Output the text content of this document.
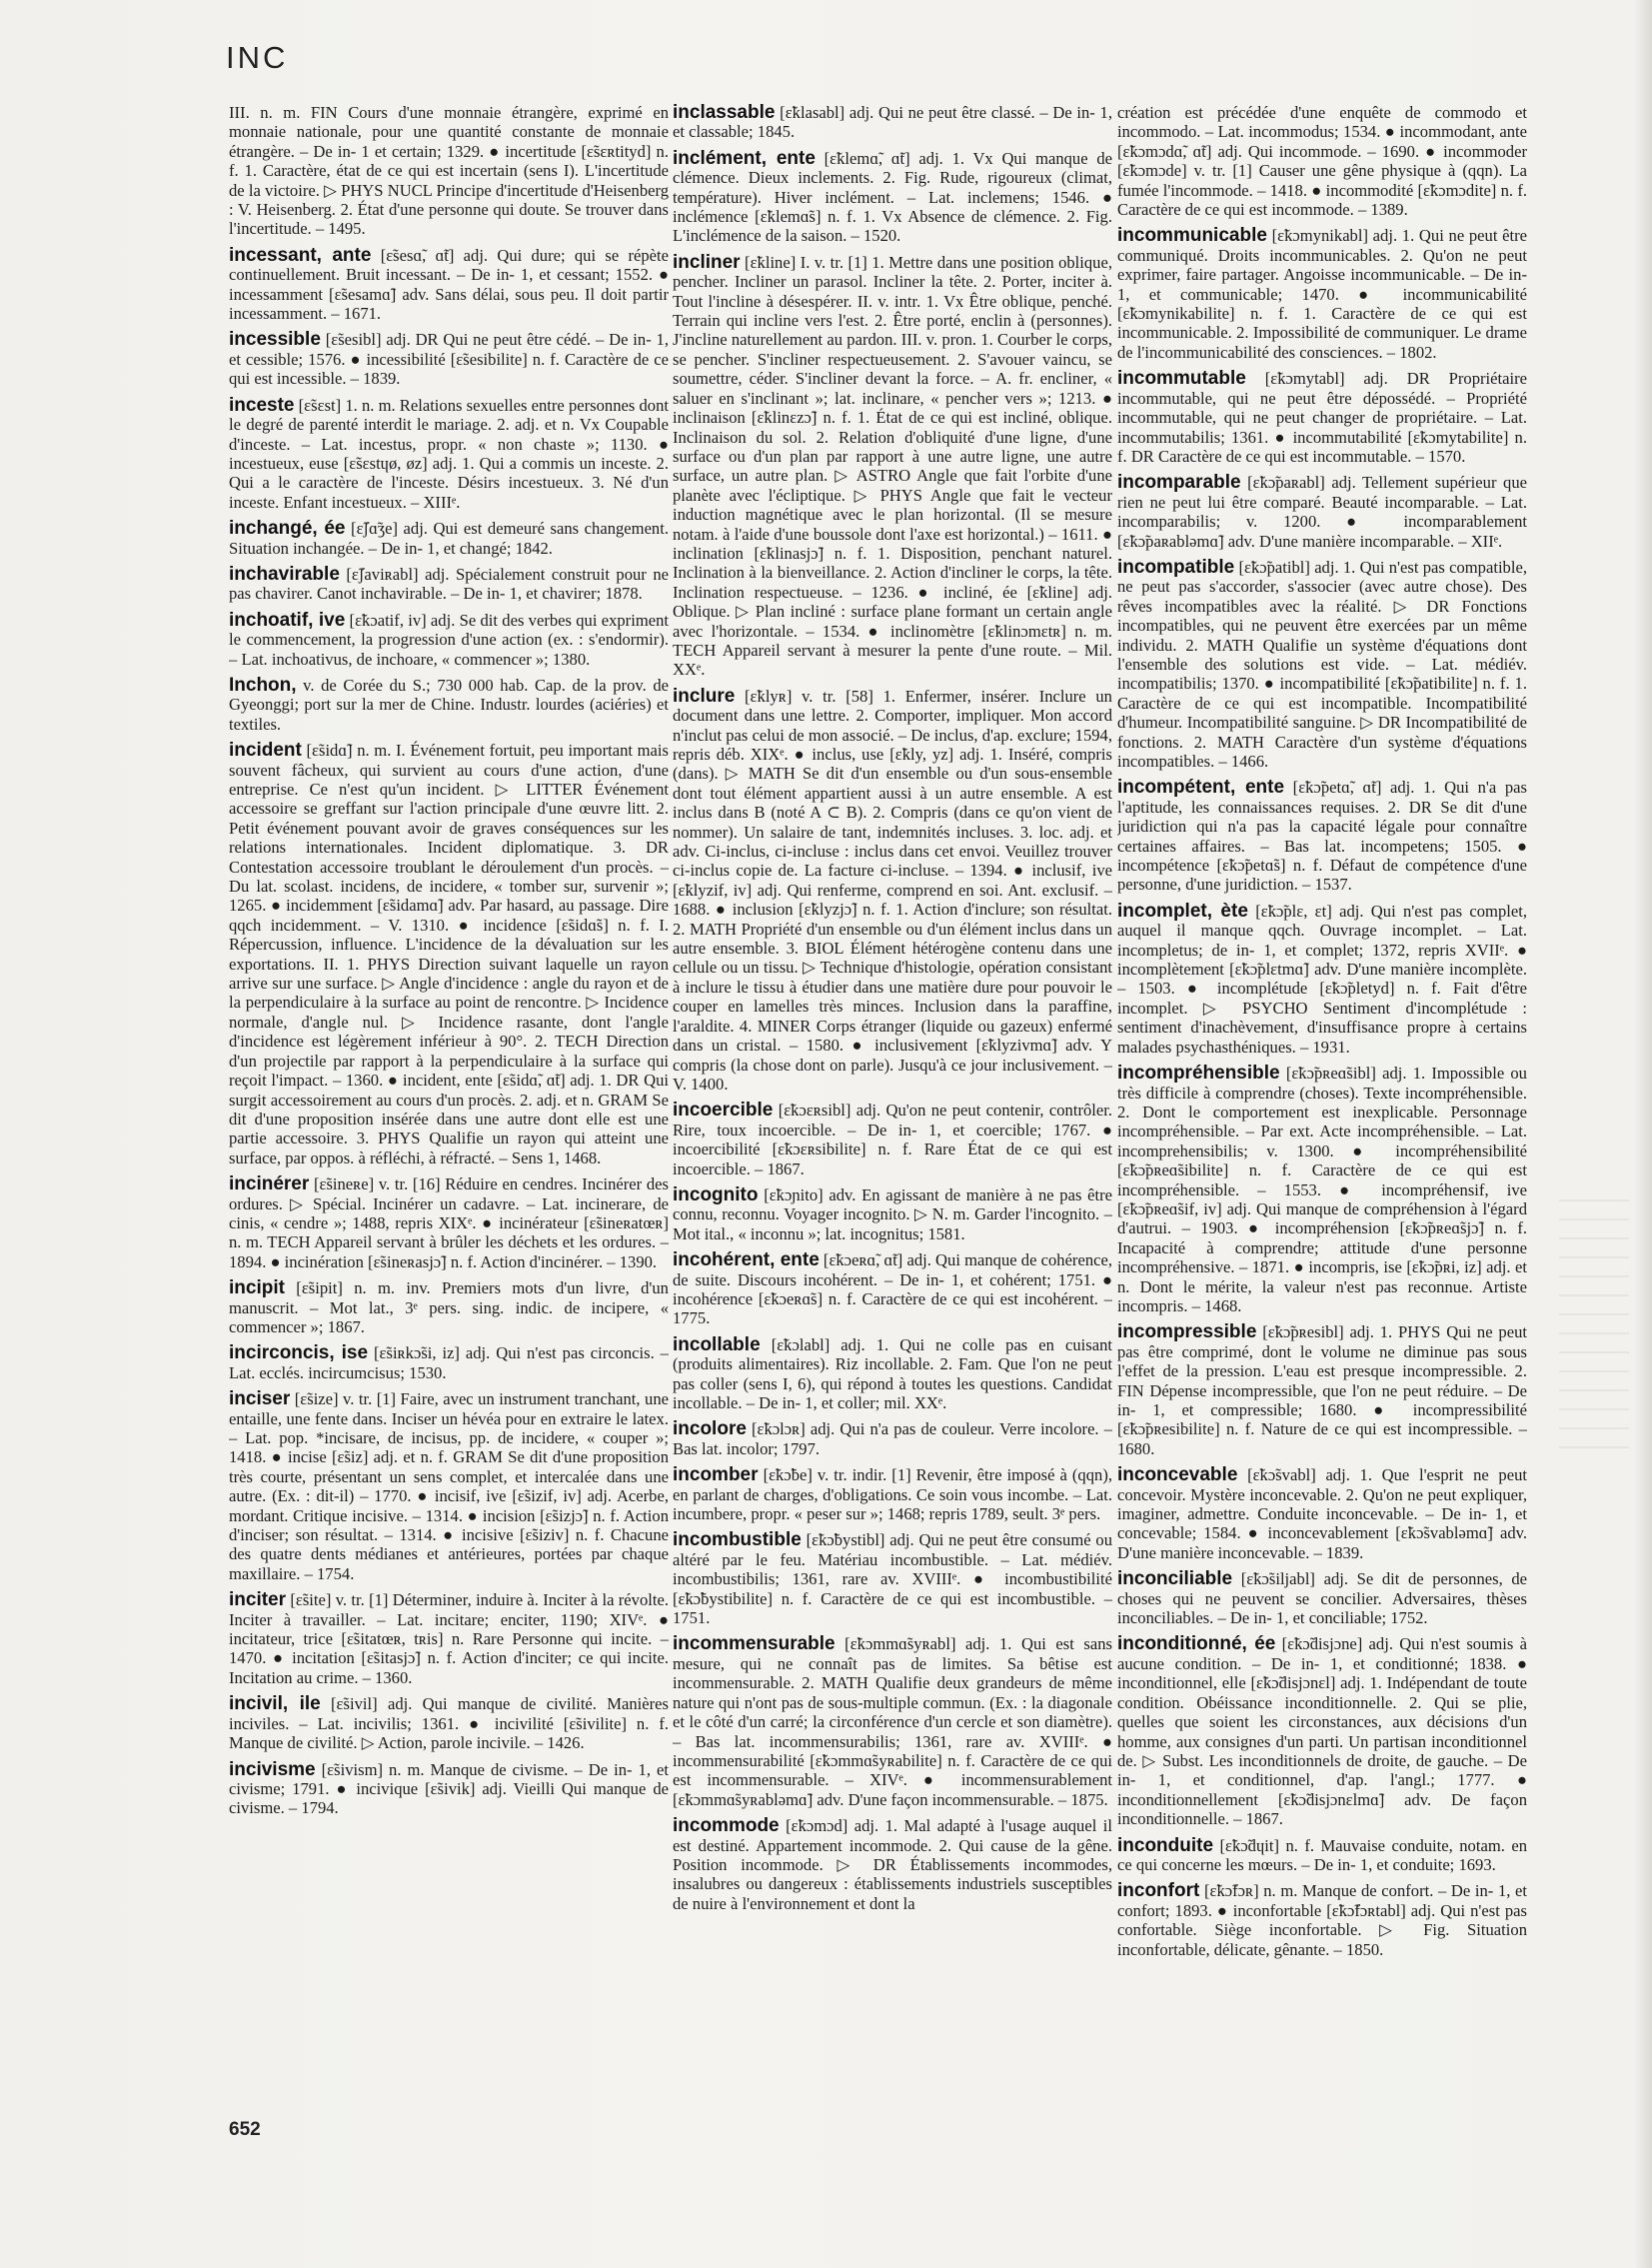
INC

III. n. m. FIN Cours d'une monnaie étrangère, exprimé en monnaie nationale, pour une quantité constante de monnaie étrangère. – De in- 1 et certain; 1329. ● incertitude [ɛ̃sɛʀtityd] n. f. 1. Caractère, état de ce qui est incertain (sens I). L'incertitude de la victoire. ▷ PHYS NUCL Principe d'incertitude d'Heisenberg : V. Heisenberg. 2. État d'une personne qui doute. Se trouver dans l'incertitude. – 1495.

incessant, ante [ɛ̃sesɑ̃, ɑ̃t] adj. Qui dure; qui se répète continuellement. Bruit incessant. – De in- 1, et cessant; 1552. ● incessamment [ɛ̃sesamɑ̃] adv. Sans délai, sous peu. Il doit partir incessamment. – 1671.

incessible [ɛ̃sesibl] adj. DR Qui ne peut être cédé. – De in- 1, et cessible; 1576. ● incessibilité [ɛ̃sesibilite] n. f. Caractère de ce qui est incessible. – 1839.

inceste [ɛ̃sɛst] 1. n. m. Relations sexuelles entre personnes dont le degré de parenté interdit le mariage. 2. adj. et n. Vx Coupable d'inceste. – Lat. incestus, propr. « non chaste »; 1130. ● incestueux, euse [ɛ̃sɛstɥø, øz] adj. 1. Qui a commis un inceste. 2. Qui a le caractère de l'inceste. Désirs incestueux. 3. Né d'un inceste. Enfant incestueux. – XIIIᵉ.

inchangé, ée [ɛ̃ʃɑ̃ʒe] adj. Qui est demeuré sans changement. Situation inchangée. – De in- 1, et changé; 1842.

inchavirable [ɛ̃ʃaviʀabl] adj. Spécialement construit pour ne pas chavirer. Canot inchavirable. – De in- 1, et chavirer; 1878.

inchoatif, ive [ɛ̃kɔatif, iv] adj. Se dit des verbes qui expriment le commencement, la progression d'une action (ex. : s'endormir). – Lat. inchoativus, de inchoare, « commencer »; 1380.

Inchon, v. de Corée du S.; 730 000 hab. Cap. de la prov. de Gyeonggi; port sur la mer de Chine. Industr. lourdes (aciéries) et textiles.

incident [ɛ̃sidɑ̃] n. m. I. Événement fortuit, peu important mais souvent fâcheux, qui survient au cours d'une action, d'une entreprise. Ce n'est qu'un incident. ▷ LITTER Événement accessoire se greffant sur l'action principale d'une œuvre litt. 2. Petit événement pouvant avoir de graves conséquences sur les relations internationales. Incident diplomatique. 3. DR Contestation accessoire troublant le déroulement d'un procès. – Du lat. scolast. incidens, de incidere, « tomber sur, survenir »; 1265. ● incidemment [ɛ̃sidamɑ̃] adv. Par hasard, au passage. Dire qqch incidemment. – V. 1310. ● incidence [ɛ̃sidɑ̃s] n. f. I. Répercussion, influence. L'incidence de la dévaluation sur les exportations. II. 1. PHYS Direction suivant laquelle un rayon arrive sur une surface. ▷ Angle d'incidence : angle du rayon et de la perpendiculaire à la surface au point de rencontre. ▷ Incidence normale, d'angle nul. ▷ Incidence rasante, dont l'angle d'incidence est légèrement inférieur à 90°. 2. TECH Direction d'un projectile par rapport à la perpendiculaire à la surface qui reçoit l'impact. – 1360. ● incident, ente [ɛ̃sidɑ̃, ɑ̃t] adj. 1. DR Qui surgit accessoirement au cours d'un procès. 2. adj. et n. GRAM Se dit d'une proposition insérée dans une autre dont elle est une partie accessoire. 3. PHYS Qualifie un rayon qui atteint une surface, par oppos. à réfléchi, à réfracté. – Sens 1, 1468.

incinérer [ɛ̃sineʀe] v. tr. [16] Réduire en cendres. Incinérer des ordures. ▷ Spécial. Incinérer un cadavre. – Lat. incinerare, de cinis, « cendre »; 1488, repris XIXᵉ. ● incinérateur [ɛ̃sineʀatœʀ] n. m. TECH Appareil servant à brûler les déchets et les ordures. – 1894. ● incinération [ɛ̃sineʀasjɔ̃] n. f. Action d'incinérer. – 1390.

incipit [ɛ̃sipit] n. m. inv. Premiers mots d'un livre, d'un manuscrit. – Mot lat., 3ᵉ pers. sing. indic. de incipere, « commencer »; 1867.

incirconcis, ise [ɛ̃siʀkɔ̃si, iz] adj. Qui n'est pas circoncis. – Lat. ecclés. incircumcisus; 1530.

inciser [ɛ̃size] v. tr. [1] Faire, avec un instrument tranchant, une entaille, une fente dans. Inciser un hévéa pour en extraire le latex. – Lat. pop. *incisare, de incisus, pp. de incidere, « couper »; 1418. ● incise [ɛ̃siz] adj. et n. f. GRAM Se dit d'une proposition très courte, présentant un sens complet, et intercalée dans une autre. (Ex. : dit-il) – 1770. ● incisif, ive [ɛ̃sizif, iv] adj. Acerbe, mordant. Critique incisive. – 1314. ● incision [ɛ̃sizjɔ̃] n. f. Action d'inciser; son résultat. – 1314. ● incisive [ɛ̃siziv] n. f. Chacune des quatre dents médianes et antérieures, portées par chaque maxillaire. – 1754.

inciter [ɛ̃site] v. tr. [1] Déterminer, induire à. Inciter à la révolte. Inciter à travailler. – Lat. incitare; enciter, 1190; XIVᵉ. ● incitateur, trice [ɛ̃sitatœʀ, tʀis] n. Rare Personne qui incite. – 1470. ● incitation [ɛ̃sitasjɔ̃] n. f. Action d'inciter; ce qui incite. Incitation au crime. – 1360.

incivil, ile [ɛ̃sivil] adj. Qui manque de civilité. Manières inciviles. – Lat. incivilis; 1361. ● incivilité [ɛ̃sivilite] n. f. Manque de civilité. ▷ Action, parole incivile. – 1426.

incivisme [ɛ̃sivism] n. m. Manque de civisme. – De in- 1, et civisme; 1791. ● incivique [ɛ̃sivik] adj. Vieilli Qui manque de civisme. – 1794.

inclassable [ɛ̃klasabl] adj. Qui ne peut être classé. – De in- 1, et classable; 1845.

inclément, ente [ɛ̃klemɑ̃, ɑ̃t] adj. 1. Vx Qui manque de clémence. Dieux inclements. 2. Fig. Rude, rigoureux (climat, température). Hiver inclément. – Lat. inclemens; 1546. ● inclémence [ɛ̃klemɑ̃s] n. f. 1. Vx Absence de clémence. 2. Fig. L'inclémence de la saison. – 1520.

incliner [ɛ̃kline] I. v. tr. [1] 1. Mettre dans une position oblique, pencher. Incliner un parasol. Incliner la tête. 2. Porter, inciter à. Tout l'incline à désespérer. II. v. intr. 1. Vx Être oblique, penché. Terrain qui incline vers l'est. 2. Être porté, enclin à (personnes). J'incline naturellement au pardon. III. v. pron. 1. Courber le corps, se pencher. S'incliner respectueusement. 2. S'avouer vaincu, se soumettre, céder. S'incliner devant la force. – A. fr. encliner, « saluer en s'inclinant »; lat. inclinare, « pencher vers »; 1213. ● inclinaison [ɛ̃klinɛzɔ̃] n. f. 1. État de ce qui est incliné, oblique. Inclinaison du sol. 2. Relation d'obliquité d'une ligne, d'une surface ou d'un plan par rapport à une autre ligne, une autre surface, un autre plan. ▷ ASTRO Angle que fait l'orbite d'une planète avec l'écliptique. ▷ PHYS Angle que fait le vecteur induction magnétique avec le plan horizontal. (Il se mesure notam. à l'aide d'une boussole dont l'axe est horizontal.) – 1611. ● inclination [ɛ̃klinasjɔ̃] n. f. 1. Disposition, penchant naturel. Inclination à la bienveillance. 2. Action d'incliner le corps, la tête. Inclination respectueuse. – 1236. ● incliné, ée [ɛ̃kline] adj. Oblique. ▷ Plan incliné : surface plane formant un certain angle avec l'horizontale. – 1534. ● inclinomètre [ɛ̃klinɔmɛtʀ] n. m. TECH Appareil servant à mesurer la pente d'une route. – Mil. XXᵉ.

inclure [ɛ̃klyʀ] v. tr. [58] 1. Enfermer, insérer. Inclure un document dans une lettre. 2. Comporter, impliquer. Mon accord n'inclut pas celui de mon associé. – De inclus, d'ap. exclure; 1594, repris déb. XIXᵉ. ● inclus, use [ɛ̃kly, yz] adj. 1. Inséré, compris (dans). ▷ MATH Se dit d'un ensemble ou d'un sous-ensemble dont tout élément appartient aussi à un autre ensemble. A est inclus dans B (noté A ⊂ B). 2. Compris (dans ce qu'on vient de nommer). Un salaire de tant, indemnités incluses. 3. loc. adj. et adv. Ci-inclus, ci-incluse : inclus dans cet envoi. Veuillez trouver ci-inclus copie de. La facture ci-incluse. – 1394. ● inclusif, ive [ɛ̃klyzif, iv] adj. Qui renferme, comprend en soi. Ant. exclusif. – 1688. ● inclusion [ɛ̃klyzjɔ̃] n. f. 1. Action d'inclure; son résultat. 2. MATH Propriété d'un ensemble ou d'un élément inclus dans un autre ensemble. 3. BIOL Élément hétérogène contenu dans une cellule ou un tissu. ▷ Technique d'histologie, opération consistant à inclure le tissu à étudier dans une matière dure pour pouvoir le couper en lamelles très minces. Inclusion dans la paraffine, l'araldite. 4. MINER Corps étranger (liquide ou gazeux) enfermé dans un cristal. – 1580. ● inclusivement [ɛ̃klyzivmɑ̃] adv. Y compris (la chose dont on parle). Jusqu'à ce jour inclusivement. – V. 1400.

incoercible [ɛ̃kɔɛʀsibl] adj. Qu'on ne peut contenir, contrôler. Rire, toux incoercible. – De in- 1, et coercible; 1767. ● incoercibilité [ɛ̃kɔɛʀsibilite] n. f. Rare État de ce qui est incoercible. – 1867.

incognito [ɛ̃kɔɲito] adv. En agissant de manière à ne pas être connu, reconnu. Voyager incognito. ▷ N. m. Garder l'incognito. – Mot ital., « inconnu »; lat. incognitus; 1581.

incohérent, ente [ɛ̃kɔeʀɑ̃, ɑ̃t] adj. Qui manque de cohérence, de suite. Discours incohérent. – De in- 1, et cohérent; 1751. ● incohérence [ɛ̃kɔeʀɑ̃s] n. f. Caractère de ce qui est incohérent. – 1775.

incollable [ɛ̃kɔlabl] adj. 1. Qui ne colle pas en cuisant (produits alimentaires). Riz incollable. 2. Fam. Que l'on ne peut pas coller (sens I, 6), qui répond à toutes les questions. Candidat incollable. – De in- 1, et coller; mil. XXᵉ.

incolore [ɛ̃kɔlɔʀ] adj. Qui n'a pas de couleur. Verre incolore. – Bas lat. incolor; 1797.

incomber [ɛ̃kɔ̃be] v. tr. indir. [1] Revenir, être imposé à (qqn), en parlant de charges, d'obligations. Ce soin vous incombe. – Lat. incumbere, propr. « peser sur »; 1468; repris 1789, seult. 3ᵉ pers.

incombustible [ɛ̃kɔ̃bystibl] adj. Qui ne peut être consumé ou altéré par le feu. Matériau incombustible. – Lat. médiév. incombustibilis; 1361, rare av. XVIIIᵉ. ● incombustibilité [ɛ̃kɔ̃bystibilite] n. f. Caractère de ce qui est incombustible. – 1751.

incommensurable [ɛ̃kɔmmɑ̃syʀabl] adj. 1. Qui est sans mesure, qui ne connaît pas de limites. Sa bêtise est incommensurable. 2. MATH Qualifie deux grandeurs de même nature qui n'ont pas de sous-multiple commun. (Ex. : la diagonale et le côté d'un carré; la circonférence d'un cercle et son diamètre). – Bas lat. incommensurabilis; 1361, rare av. XVIIIᵉ. ● incommensurabilité [ɛ̃kɔmmɑ̃syʀabilite] n. f. Caractère de ce qui est incommensurable. – XIVᵉ. ● incommensurablement [ɛ̃kɔmmɑ̃syʀabləmɑ̃] adv. D'une façon incommensurable. – 1875.

incommode [ɛ̃kɔmɔd] adj. 1. Mal adapté à l'usage auquel il est destiné. Appartement incommode. 2. Qui cause de la gêne. Position incommode. ▷ DR Établissements incommodes, insalubres ou dangereux : établissements industriels susceptibles de nuire à l'environnement et dont la

création est précédée d'une enquête de commodo et incommodo. – Lat. incommodus; 1534. ● incommodant, ante [ɛ̃kɔmɔdɑ̃, ɑ̃t] adj. Qui incommode. – 1690. ● incommoder [ɛ̃kɔmɔde] v. tr. [1] Causer une gêne physique à (qqn). La fumée l'incommode. – 1418. ● incommodité [ɛ̃kɔmɔdite] n. f. Caractère de ce qui est incommode. – 1389.

incommunicable [ɛ̃kɔmynikabl] adj. 1. Qui ne peut être communiqué. Droits incommunicables. 2. Qu'on ne peut exprimer, faire partager. Angoisse incommunicable. – De in- 1, et communicable; 1470. ● incommunicabilité [ɛ̃kɔmynikabilite] n. f. 1. Caractère de ce qui est incommunicable. 2. Impossibilité de communiquer. Le drame de l'incommunicabilité des consciences. – 1802.

incommutable [ɛ̃kɔmytabl] adj. DR Propriétaire incommutable, qui ne peut être dépossédé. – Propriété incommutable, qui ne peut changer de propriétaire. – Lat. incommutabilis; 1361. ● incommutabilité [ɛ̃kɔmytabilite] n. f. DR Caractère de ce qui est incommutable. – 1570.

incomparable [ɛ̃kɔ̃paʀabl] adj. Tellement supérieur que rien ne peut lui être comparé. Beauté incomparable. – Lat. incomparabilis; v. 1200. ● incomparablement [ɛ̃kɔ̃paʀabləmɑ̃] adv. D'une manière incomparable. – XIIᵉ.

incompatible [ɛ̃kɔ̃patibl] adj. 1. Qui n'est pas compatible, ne peut pas s'accorder, s'associer (avec autre chose). Des rêves incompatibles avec la réalité. ▷ DR Fonctions incompatibles, qui ne peuvent être exercées par un même individu. 2. MATH Qualifie un système d'équations dont l'ensemble des solutions est vide. – Lat. médiév. incompatibilis; 1370. ● incompatibilité [ɛ̃kɔ̃patibilite] n. f. 1. Caractère de ce qui est incompatible. Incompatibilité d'humeur. Incompatibilité sanguine. ▷ DR Incompatibilité de fonctions. 2. MATH Caractère d'un système d'équations incompatibles. – 1466.

incompétent, ente [ɛ̃kɔ̃petɑ̃, ɑ̃t] adj. 1. Qui n'a pas l'aptitude, les connaissances requises. 2. DR Se dit d'une juridiction qui n'a pas la capacité légale pour connaître certaines affaires. – Bas lat. incompetens; 1505. ● incompétence [ɛ̃kɔ̃petɑ̃s] n. f. Défaut de compétence d'une personne, d'une juridiction. – 1537.

incomplet, ète [ɛ̃kɔ̃plɛ, ɛt] adj. Qui n'est pas complet, auquel il manque qqch. Ouvrage incomplet. – Lat. incompletus; de in- 1, et complet; 1372, repris XVIIᵉ. ● incomplètement [ɛ̃kɔ̃plɛtmɑ̃] adv. D'une manière incomplète. – 1503. ● incomplétude [ɛ̃kɔ̃pletyd] n. f. Fait d'être incomplet. ▷ PSYCHO Sentiment d'incomplétude : sentiment d'inachèvement, d'insuffisance propre à certains malades psychasthéniques. – 1931.

incompréhensible [ɛ̃kɔ̃pʀeɑ̃sibl] adj. 1. Impossible ou très difficile à comprendre (choses). Texte incompréhensible. 2. Dont le comportement est inexplicable. Personnage incompréhensible. – Par ext. Acte incompréhensible. – Lat. incomprehensibilis; v. 1300. ● incompréhensibilité [ɛ̃kɔ̃pʀeɑ̃sibilite] n. f. Caractère de ce qui est incompréhensible. – 1553. ● incompréhensif, ive [ɛ̃kɔ̃pʀeɑ̃sif, iv] adj. Qui manque de compréhension à l'égard d'autrui. – 1903. ● incompréhension [ɛ̃kɔ̃pʀeɑ̃sjɔ̃] n. f. Incapacité à comprendre; attitude d'une personne incompréhensive. – 1871. ● incompris, ise [ɛ̃kɔ̃pʀi, iz] adj. et n. Dont le mérite, la valeur n'est pas reconnue. Artiste incompris. – 1468.

incompressible [ɛ̃kɔ̃pʀesibl] adj. 1. PHYS Qui ne peut pas être comprimé, dont le volume ne diminue pas sous l'effet de la pression. L'eau est presque incompressible. 2. FIN Dépense incompressible, que l'on ne peut réduire. – De in- 1, et compressible; 1680. ● incompressibilité [ɛ̃kɔ̃pʀesibilite] n. f. Nature de ce qui est incompressible. – 1680.

inconcevable [ɛ̃kɔ̃svabl] adj. 1. Que l'esprit ne peut concevoir. Mystère inconcevable. 2. Qu'on ne peut expliquer, imaginer, admettre. Conduite inconcevable. – De in- 1, et concevable; 1584. ● inconcevablement [ɛ̃kɔ̃svabləmɑ̃] adv. D'une manière inconcevable. – 1839.

inconciliable [ɛ̃kɔ̃siljabl] adj. Se dit de personnes, de choses qui ne peuvent se concilier. Adversaires, thèses inconciliables. – De in- 1, et conciliable; 1752.

inconditionné, ée [ɛ̃kɔ̃disjɔne] adj. Qui n'est soumis à aucune condition. – De in- 1, et conditionné; 1838. ● inconditionnel, elle [ɛ̃kɔ̃disjɔnɛl] adj. 1. Indépendant de toute condition. Obéissance inconditionnelle. 2. Qui se plie, quelles que soient les circonstances, aux décisions d'un homme, aux consignes d'un parti. Un partisan inconditionnel de. ▷ Subst. Les inconditionnels de droite, de gauche. – De in- 1, et conditionnel, d'ap. l'angl.; 1777. ● inconditionnellement [ɛ̃kɔ̃disjɔnɛlmɑ̃] adv. De façon inconditionnelle. – 1867.

inconduite [ɛ̃kɔ̃dɥit] n. f. Mauvaise conduite, notam. en ce qui concerne les mœurs. – De in- 1, et conduite; 1693.

inconfort [ɛ̃kɔ̃fɔʀ] n. m. Manque de confort. – De in- 1, et confort; 1893. ● inconfortable [ɛ̃kɔ̃fɔʀtabl] adj. Qui n'est pas confortable. Siège inconfortable. ▷ Fig. Situation inconfortable, délicate, gênante. – 1850.

652
